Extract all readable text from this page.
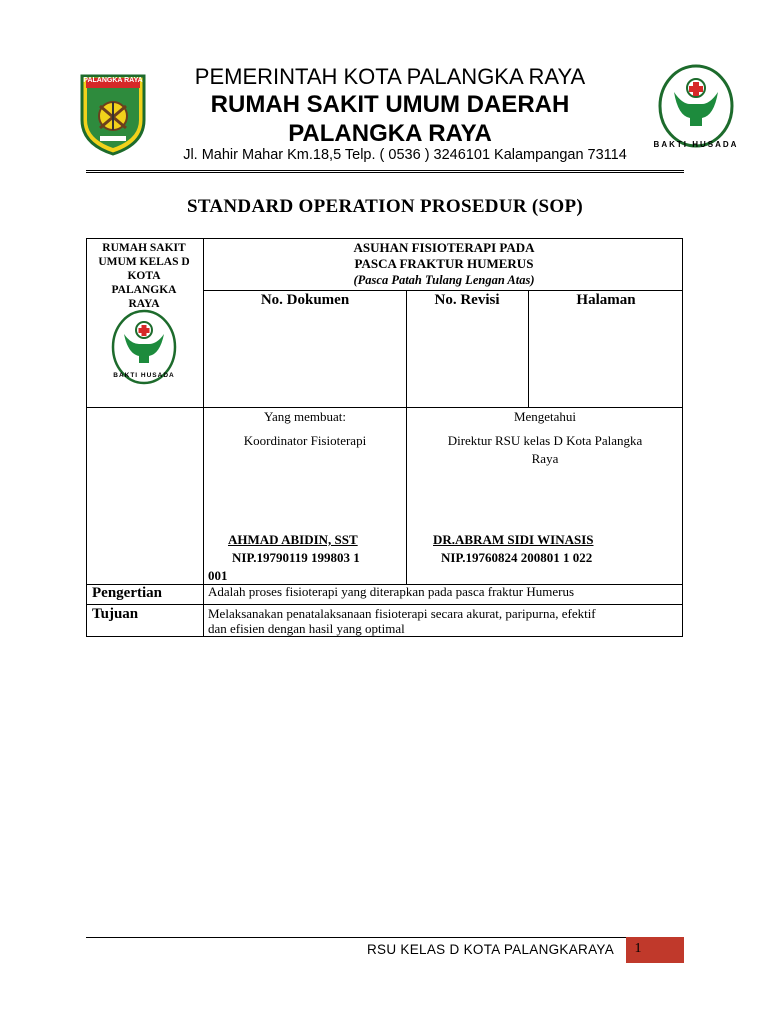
PALANGKA RAYA	PEMERINTAH KOTA PALANGKA RAYA
RUMAH SAKIT UMUM DAERAH
PALANGKA RAYA
Jl. Mahir Mahar Km.18,5 Telp. ( 0536 ) 3246101 Kalampangan 73114
BAKTI HUSADA
STANDARD OPERATION PROSEDUR (SOP)
RUMAH SAKIT
UMUM KELAS D
KOTA
PALANGKA
RAYA
BAKTI HUSADA
ASUHAN FISIOTERAPI PADA
PASCA FRAKTUR HUMERUS
(Pasca Patah Tulang Lengan Atas)
No. Dokumen	No. Revisi	Halaman
Yang membuat:
Koordinator Fisioterapi
AHMAD ABIDIN, SST
NIP.19790119 199803 1
001
Mengetahui
Direktur RSU kelas D Kota Palangka
Raya
DR.ABRAM SIDI WINASIS
NIP.19760824 200801 1 022
Pengertian	Adalah proses fisioterapi yang diterapkan pada pasca fraktur Humerus
Tujuan	Melaksanakan penatalaksanaan fisioterapi secara akurat, paripurna, efektif
dan efisien dengan hasil yang optimal
RSU KELAS D KOTA PALANGKARAYA	1
